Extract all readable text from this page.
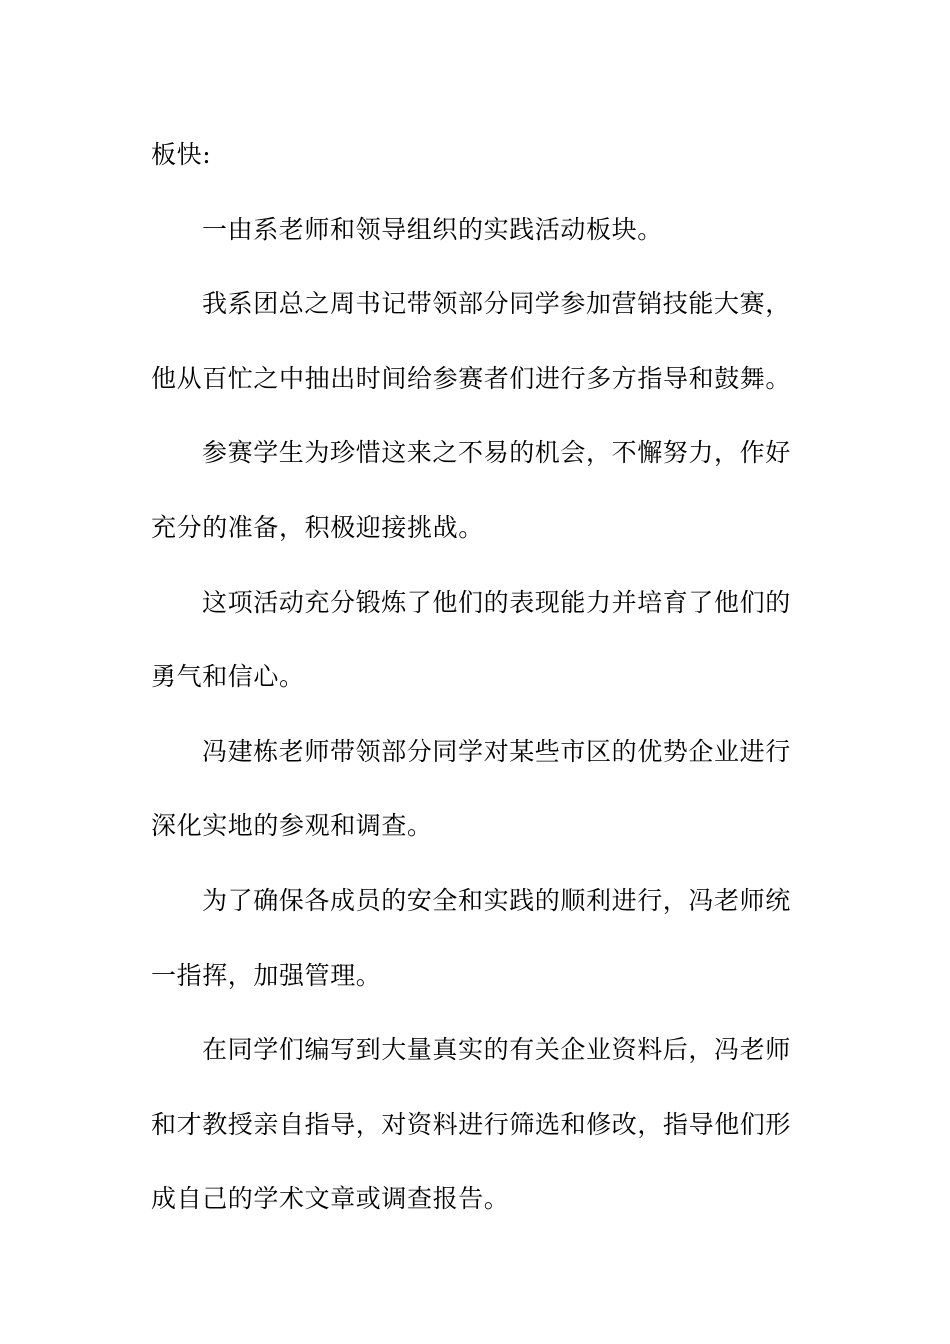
板快:
一由系老师和领导组织的实践活动板块。
我系团总之周书记带领部分同学参加营销技能大赛，
他从百忙之中抽出时间给参赛者们进行多方指导和鼓舞。
参赛学生为珍惜这来之不易的机会，不懈努力，作好
充分的准备，积极迎接挑战。
这项活动充分锻炼了他们的表现能力并培育了他们的
勇气和信心。
冯建栋老师带领部分同学对某些市区的优势企业进行
深化实地的参观和调查。
为了确保各成员的安全和实践的顺利进行，冯老师统
一指挥，加强管理。
在同学们编写到大量真实的有关企业资料后，冯老师
和才教授亲自指导，对资料进行筛选和修改，指导他们形
成自己的学术文章或调查报告。
